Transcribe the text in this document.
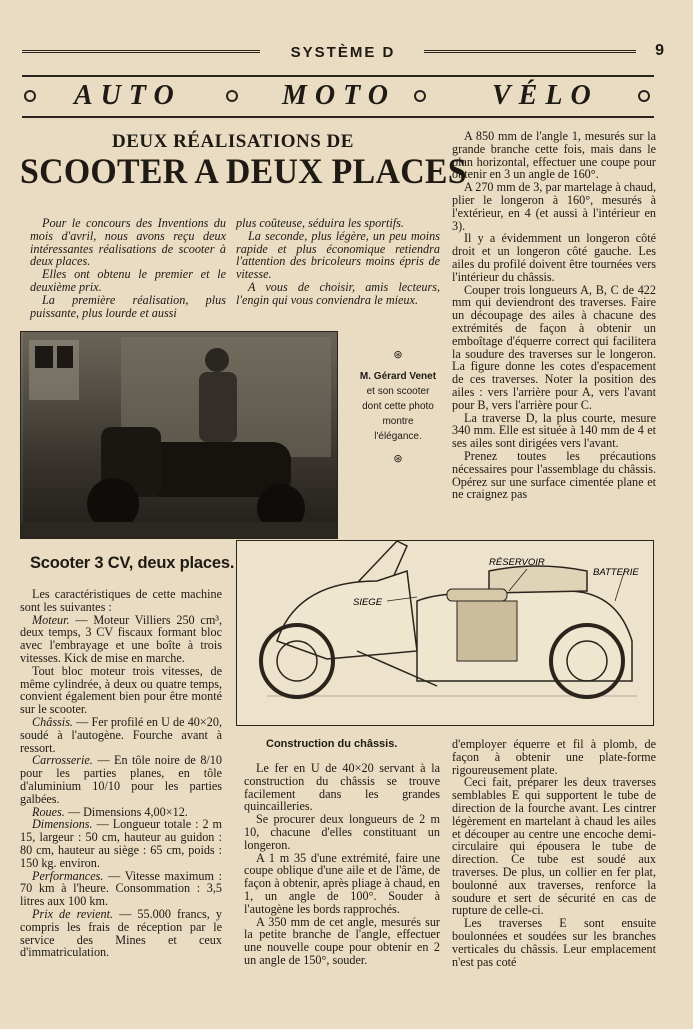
SYSTÈME D	9
AUTO	MOTO	VÉLO
DEUX RÉALISATIONS DE
SCOOTER A DEUX PLACES

Pour le concours des Inventions du mois d'avril, nous avons reçu deux intéressantes réalisations de scooter à deux places.

Elles ont obtenu le premier et le deuxième prix.

La première réalisation, plus puissante, plus lourde et aussi

plus coûteuse, séduira les sportifs.

La seconde, plus légère, un peu moins rapide et plus économique retiendra l'attention des bricoleurs moins épris de vitesse.

A vous de choisir, amis lecteurs, l'engin qui vous conviendra le mieux.

A 850 mm de l'angle 1, mesurés sur la grande branche cette fois, mais dans le plan horizontal, effectuer une coupe pour obtenir en 3 un angle de 160°.

A 270 mm de 3, par martelage à chaud, plier le longeron à 160°, mesurés à l'extérieur, en 4 (et aussi à l'intérieur en 3).

Il y a évidemment un longeron côté droit et un longeron côté gauche. Les ailes du profilé doivent être tournées vers l'intérieur du châssis.

Couper trois longueurs A, B, C de 422 mm qui deviendront des traverses. Faire un découpage des ailes à chacune des extrémités de façon à obtenir un emboîtage d'équerre correct qui facilitera la soudure des traverses sur le longeron. La figure donne les cotes d'espacement de ces traverses. Noter la position des ailes : vers l'arrière pour A, vers l'avant pour B, vers l'arrière pour C.

La traverse D, la plus courte, mesure 340 mm. Elle est située à 140 mm de 4 et ses ailes sont dirigées vers l'avant.

Prenez toutes les précautions nécessaires pour l'assemblage du châssis. Opérez sur une surface cimentée plane et ne craignez pas

⊛
M. Gérard Venet
et son scooter
dont cette photo
montre
l'élégance.
⊛
Scooter 3 CV, deux places.	RÉSERVOIR
BATTERIE
SIEGE

Les caractéristiques de cette machine sont les suivantes :

Moteur. — Moteur Villiers 250 cm³, deux temps, 3 CV fiscaux formant bloc avec l'embrayage et une boîte à trois vitesses. Kick de mise en marche.

Tout bloc moteur trois vitesses, de même cylindrée, à deux ou quatre temps, convient également bien pour être monté sur le scooter.

Châssis. — Fer profilé en U de 40×20, soudé à l'autogène. Fourche avant à ressort.

Carrosserie. — En tôle noire de 8/10 pour les parties planes, en tôle d'aluminium 10/10 pour les parties galbées.

Roues. — Dimensions 4,00×12.

Dimensions. — Longueur totale : 2 m 15, largeur : 50 cm, hauteur au guidon : 80 cm, hauteur au siège : 65 cm, poids : 150 kg. environ.

Performances. — Vitesse maximum : 70 km à l'heure. Consommation : 3,5 litres aux 100 km.

Prix de revient. — 55.000 francs, y compris les frais de réception par le service des Mines et ceux d'immatriculation.

Construction du châssis.

Le fer en U de 40×20 servant à la construction du châssis se trouve facilement dans les grandes quincailleries.

Se procurer deux longueurs de 2 m 10, chacune d'elles constituant un longeron.

A 1 m 35 d'une extrémité, faire une coupe oblique d'une aile et de l'âme, de façon à obtenir, après pliage à chaud, en 1, un angle de 100°. Souder à l'autogène les bords rapprochés.

A 350 mm de cet angle, mesurés sur la petite branche de l'angle, effectuer une nouvelle coupe pour obtenir en 2 un angle de 150°, souder.

d'employer équerre et fil à plomb, de façon à obtenir une plate-forme rigoureusement plate.

Ceci fait, préparer les deux traverses semblables E qui supportent le tube de direction de la fourche avant. Les cintrer légèrement en martelant à chaud les ailes et découper au centre une encoche demi-circulaire qui épousera le tube de direction. Ce tube est soudé aux traverses. De plus, un collier en fer plat, boulonné aux traverses, renforce la soudure et sert de sécurité en cas de rupture de celle-ci.

Les traverses E sont ensuite boulonnées et soudées sur les branches verticales du châssis. Leur emplacement n'est pas coté
